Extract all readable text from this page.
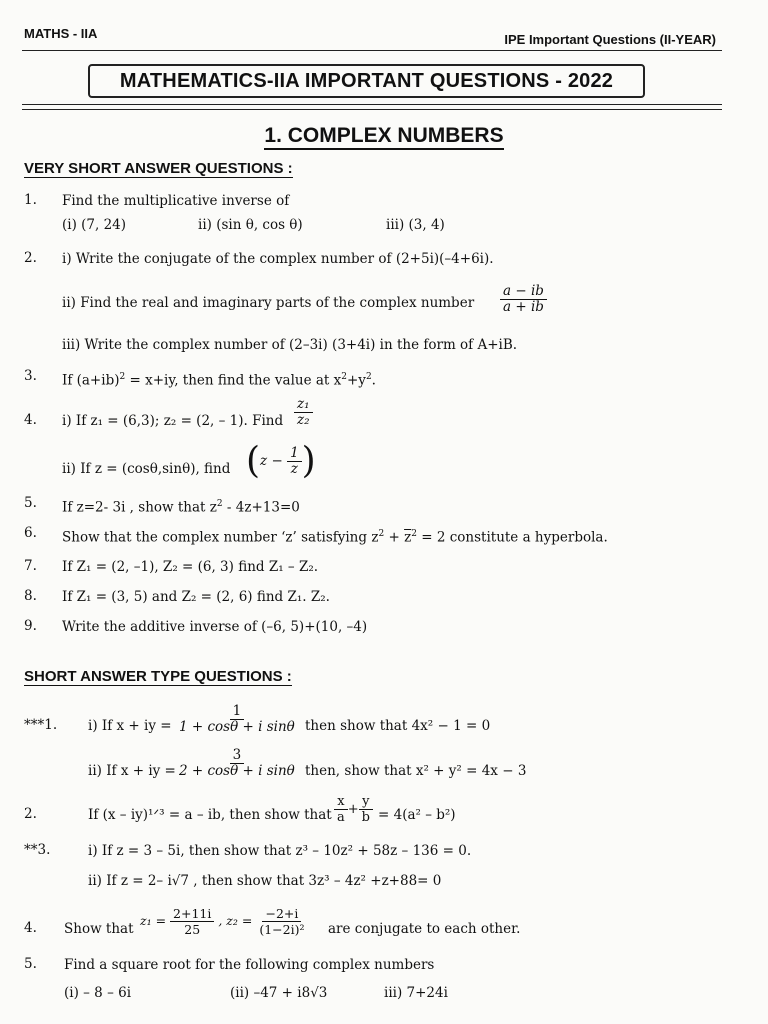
MATHS - IIA	IPE Important Questions (II-YEAR)
MATHEMATICS-IIA IMPORTANT QUESTIONS - 2022
1. COMPLEX NUMBERS
VERY SHORT ANSWER QUESTIONS :
1. Find the multiplicative inverse of
(i) (7, 24)	ii) (sin θ, cos θ)	iii) (3, 4)
2. i) Write the conjugate of the complex number of (2+5i)(–4+6i).
ii) Find the real and imaginary parts of the complex number $\frac{a - ib}{a + ib}$
iii) Write the complex number of (2–3i) (3+4i) in the form of A+iB.
3. If $(a+ib)^2 = x+iy$, then find the value at $x^2+y^2$.
4. i) If z₁ = (6,3); z₂ = (2, – 1). Find $\frac{\text{z₁}}{\text{z₂}}$
ii) If z = (cosθ,sinθ), find ($z - \frac{1}{z}$ )
5. If z=2- 3i , show that $z^2 - 4z+13=0$
6. Show that the complex number ‘z’ satisfying $z^2 + \overline{z}^2 = 2$ constitute a hyperbola.
7. If Z₁ = (2, –1), Z₂ = (6, 3) find Z₁ – Z₂.
8. If Z₁ = (3, 5) and Z₂ = (2, 6) find Z₁. Z₂.
9. Write the additive inverse of (–6, 5)+(10, –4)
SHORT ANSWER TYPE QUESTIONS :
***1. i) If x + iy = $\frac{1}{\text{1 + cosθ + i sinθ}}$ then show that 4x² − 1 = 0
ii) If x + iy = $\frac{3}{\text{2 + cosθ + i sinθ}}$ then, show that x² + y² = 4x − 3
2.	If (x – iy)¹ᐟ³ = a – ib, then show that $\frac{x}{a} + \frac{y}{b} = 4(a^2 - b^2)$
**3.	i) If z = 3 – 5i, then show that z³ – 10z² + 58z – 136 = 0.
ii) If z = 2– i√7 , then show that 3z³ – 4z² +z+88= 0
4. Show that
$z_1 = \frac{2+11i}{25}$ , $z_2 = \frac{-2+i}{\text{(1−2i)²}}$ are conjugate to each other.
5. Find a square root for the following complex numbers
(i) – 8 – 6i	(ii) –47 + i8√3	iii) 7+24i
